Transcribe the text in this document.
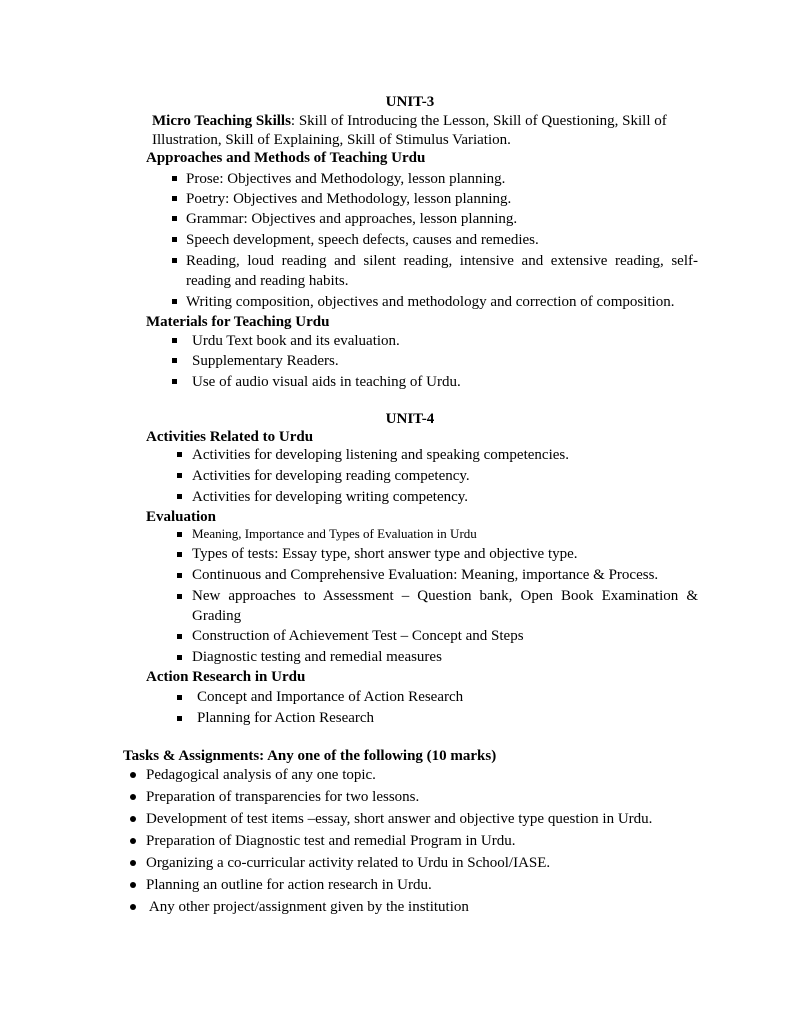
UNIT-3
Micro Teaching Skills: Skill of Introducing the Lesson, Skill of Questioning, Skill of
Illustration, Skill of Explaining, Skill of Stimulus Variation.
Approaches and Methods of Teaching Urdu
Prose: Objectives and Methodology, lesson planning.
Poetry: Objectives and Methodology, lesson planning.
Grammar: Objectives and approaches, lesson planning.
Speech development, speech defects, causes and remedies.
Reading, loud reading and silent reading, intensive and extensive reading, self-
reading and reading habits.
Writing composition, objectives and methodology and correction of composition.
Materials for Teaching Urdu
Urdu Text book and its evaluation.
Supplementary Readers.
Use of audio visual aids in teaching of Urdu.
UNIT-4
Activities Related to Urdu
Activities for developing listening and speaking competencies.
Activities for developing reading competency.
Activities for developing writing competency.
Evaluation
Meaning, Importance and Types of Evaluation in Urdu
Types of tests: Essay type, short answer type and objective type.
Continuous and Comprehensive Evaluation: Meaning, importance & Process.
New approaches to Assessment – Question bank, Open Book Examination &
Grading
Construction of Achievement Test – Concept and Steps
Diagnostic testing and remedial measures
Action Research in Urdu
Concept and Importance of Action Research
Planning for Action Research
Tasks & Assignments: Any one of the following (10 marks)
Pedagogical analysis of any one topic.
Preparation of transparencies for two lessons.
Development of test items –essay, short answer and objective type question in Urdu.
Preparation of Diagnostic test and remedial Program in Urdu.
Organizing a co-curricular activity related to Urdu in School/IASE.
Planning an outline for action research in Urdu.
Any other project/assignment given by the institution
